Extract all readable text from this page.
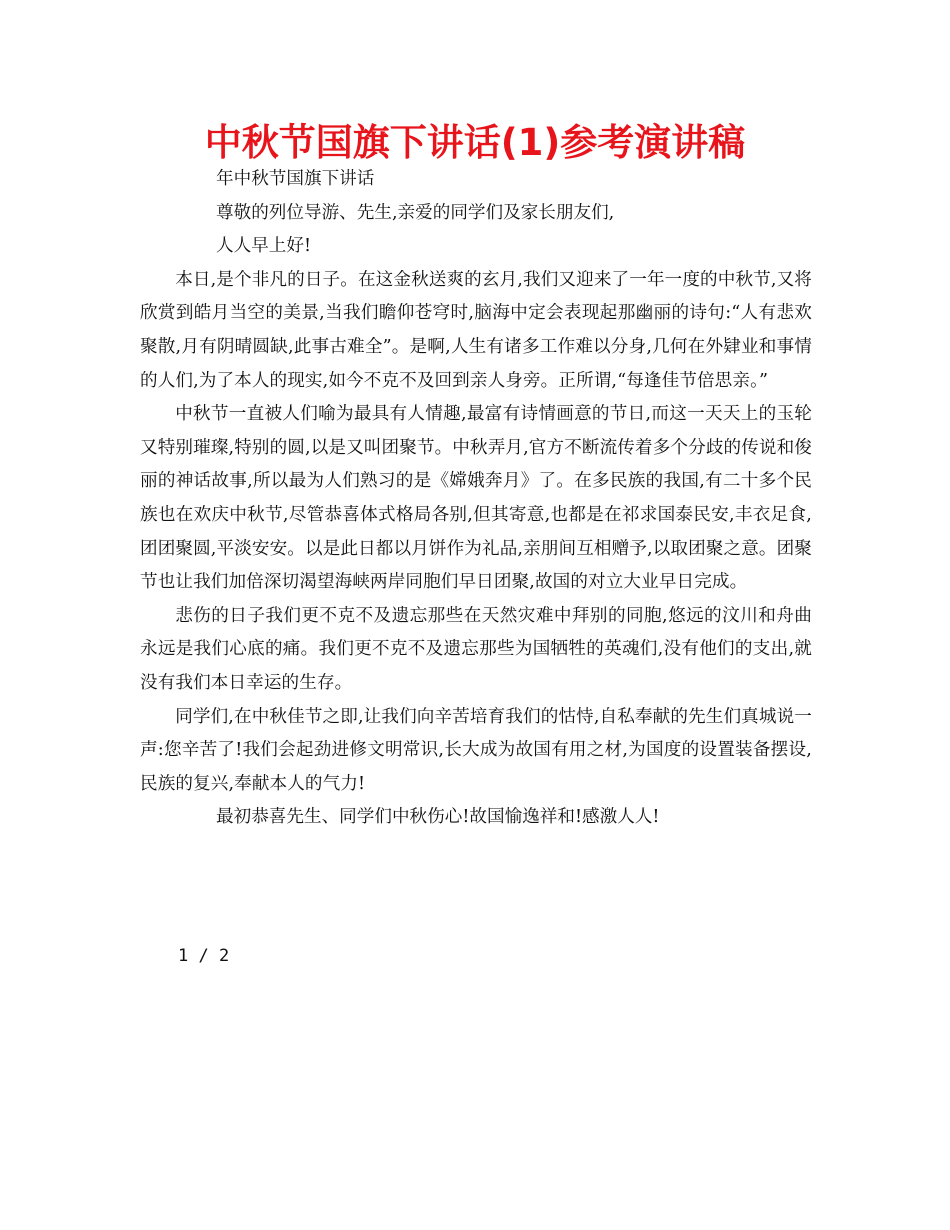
中秋节国旗下讲话(1)参考演讲稿

年中秋节国旗下讲话

尊敬的列位导游、先生,亲爱的同学们及家长朋友们,

人人早上好!

本日,是个非凡的日子。在这金秋送爽的玄月,我们又迎来了一年一度的中秋节,又将欣赏到皓月当空的美景,当我们瞻仰苍穹时,脑海中定会表现起那幽丽的诗句:“人有悲欢聚散,月有阴晴圆缺,此事古难全”。是啊,人生有诸多工作难以分身,几何在外肄业和事情的人们,为了本人的现实,如今不克不及回到亲人身旁。正所谓,“每逢佳节倍思亲。”

中秋节一直被人们喻为最具有人情趣,最富有诗情画意的节日,而这一天天上的玉轮又特别璀璨,特别的圆,以是又叫团聚节。中秋弄月,官方不断流传着多个分歧的传说和俊丽的神话故事,所以最为人们熟习的是《嫦娥奔月》了。在多民族的我国,有二十多个民族也在欢庆中秋节,尽管恭喜体式格局各别,但其寄意,也都是在祁求国泰民安,丰衣足食,团团聚圆,平淡安安。以是此日都以月饼作为礼品,亲朋间互相赠予,以取团聚之意。团聚节也让我们加倍深切渴望海峡两岸同胞们早日团聚,故国的对立大业早日完成。

悲伤的日子我们更不克不及遗忘那些在天然灾难中拜别的同胞,悠远的汶川和舟曲永远是我们心底的痛。我们更不克不及遗忘那些为国牺牲的英魂们,没有他们的支出,就没有我们本日幸运的生存。

同学们,在中秋佳节之即,让我们向辛苦培育我们的怙恃,自私奉献的先生们真城说一声:您辛苦了!我们会起劲进修文明常识,长大成为故国有用之材,为国度的设置装备摆设,民族的复兴,奉献本人的气力!

最初恭喜先生、同学们中秋伤心!故国愉逸祥和!感激人人!

1 / 2
